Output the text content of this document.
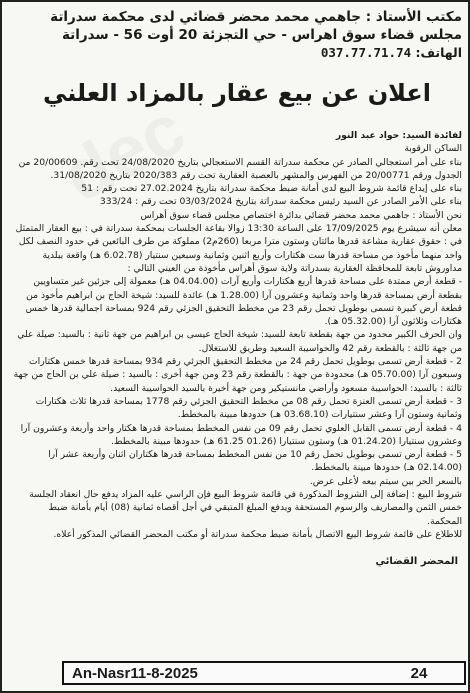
مكتب الأستاذ : جاهمي محمد محضر قضائي لدى محكمة سدراتة
مجلس قضاء سوق اهراس - حي التجزئة 20 أوت 56 - سدراتة
الهاتف: 037.77.71.74
اعلان عن بيع عقار بالمزاد العلني

لفائدة السيد: حواد عبد النور

الساكن الرقوبة

بناء على أمر استعجالي الصادر عن محكمة سدراتة القسم الاستعجالي بتاريخ 24/08/2020 تحت رقم. 20/00609 من الجدول ورقم 20/00771 من الفهرس والمشهر بالعصبة العقارية تحت رقم 2020/383 بتاريخ 31/08/2020.

بناء على إيداع قائمة شروط البيع لدى أمانة ضبط محكمة سدراتة بتاريخ 27.02.2024 تحت رقم : 51

بناء على الأمر الصادر عن السيد رئيس محكمة سدراتة بتاريخ 03/03/2024 تحت رقم : 333/24

نحن الأستاذ : جاهمي محمد محضر قضائي بدائرة اختصاص مجلس قضاء سوق أهراس

معلن أنه سيشرع يوم 17/09/2025 على الساعة 13:30 زوالا بقاعة الجلسات بمحكمة سدراتة في : بيع العقار المتمثل في : حقوق عقارية مشاعة قدرها مائتان وستون مترا مربعا (260م2) مملوكة من طرف البائعين في حدود النصف لكل واحد منهما مأخوذ من مساحة قدرها ست هكتارات وأربع اثنين وثمانية وسبعين سنتيار (6.02.78 هـ) واقعة ببلدية مداوروش تابعة للمحافظة العقارية بسدراتة ولاية سوق أهراس مأخوذة من العيني التالي :

- قطعة أرض ممتدة على مساحة قدرها أربع هكتارات وأربع آرات (04.04.00 هـ) معمولة إلى جزئين غير متساويين بقطعة أرض بمساحة قدرها واحد وثمانية وعشرون آرا (1.28.00 هـ) عائدة للسيد: شيخة الحاج بن ابراهيم مأخوذ من قطعة أرض كبيرة تسمى بوطويل تحمل رقم 23 من مخطط التحقيق الجزئي رقم 924 بمساحة اجمالية قدرها خمس هكتارات وثلاثون آرا (05.32.00 هـ).

وان الحرف الكبير محدود من جهة بقطعة تابعة للسيد: شيخة الحاج عيسى بن ابراهيم من جهة ثانية : بالسيد: صيلة علي من جهة ثالثة : بالقطعة رقم 42 والحواسيبة السعيد وطريق للاستغلال.

2 - قطعة أرض تسمى بوطويل تحمل رقم 24 من مخطط التحقيق الجزئي رقم 934 بمساحة قدرها خمس هكتارات وسبعون آرا (05.70.00 هـ) محدودة من جهة : بالقطعة رقم 23 ومن جهة أخرى : بالسيد : صيلة علي بن الحاج من جهة ثالثة : بالسيد: الحواسيبة مسعود وأراضي مانستيكير ومن جهة أخيرة بالسيد الحواسيبة السعيد.

3 - قطعة أرض تسمى العنزة تحمل رقم 08 من مخطط التحقيق الجزئي رقم 1778 بمساحة قدرها ثلاث هكتارات وثمانية وستون آرا وعشر سنتيارات (03.68.10 هـ) حدودها مبينة بالمخطط.

4 - قطعة أرض تسمى القابل العلوي تحمل رقم 09 من نفس المخطط بمساحة قدرها هكتار واحد وأربعة وعشرون آرا وعشرون سنتيارا (01.24.20 هـ) وستون سنتيارا (01.26 61.25 هـ) حدودها مبينة بالمخطط.

5 - قطعة أرض تسمى بوطويل تحمل رقم 10 من نفس المخطط بمساحة قدرها هكتاران اثنان وأربعة عشر آرا (02.14.00 هـ) حدودها مبينة بالمخطط.

بالسعر الحر بين سيتم بيعه لأعلى عرض.

شروط البيع : إضافة إلى الشروط المذكورة في قائمة شروط البيع فإن الراسي عليه المزاد يدفع حال انعقاد الجلسة خمس الثمن والمصاريف والرسوم المستحقة ويدفع المبلغ المتبقي في أجل أقصاه ثمانية (08) أيام بأمانة ضبط المحكمة.

للاطلاع على قائمة شروط البيع الاتصال بأمانة ضبط محكمة سدراتة أو مكتب المحضر القضائي المذكور أعلاه.

المحضر القضائي
An-Nasr11-8-2025	24
